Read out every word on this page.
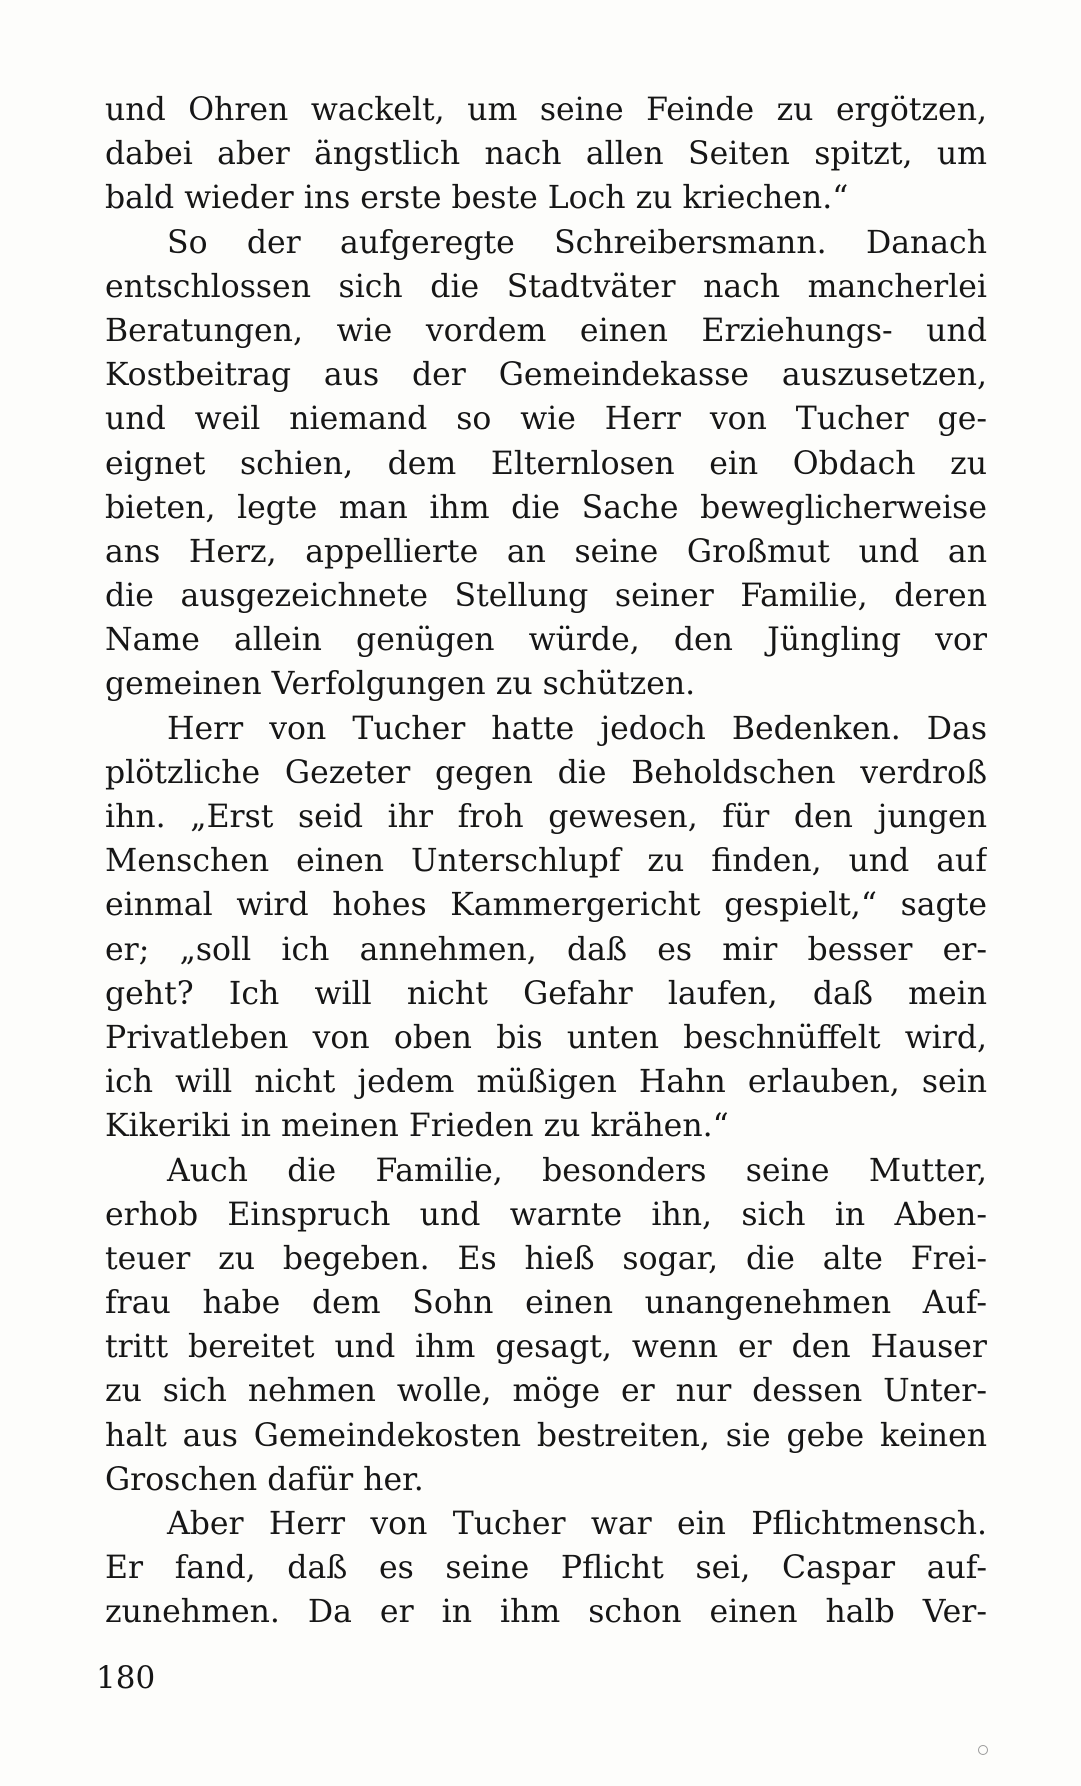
und Ohren wackelt, um seine Feinde zu ergötzen,
dabei aber ängstlich nach allen Seiten spitzt, um
bald wieder ins erste beste Loch zu kriechen.“
So der aufgeregte Schreibersmann. Danach
entschlossen sich die Stadtväter nach mancherlei
Beratungen, wie vordem einen Erziehungs- und
Kostbeitrag aus der Gemeindekasse auszusetzen,
und weil niemand so wie Herr von Tucher ge-
eignet schien, dem Elternlosen ein Obdach zu
bieten, legte man ihm die Sache beweglicherweise
ans Herz, appellierte an seine Großmut und an
die ausgezeichnete Stellung seiner Familie, deren
Name allein genügen würde, den Jüngling vor
gemeinen Verfolgungen zu schützen.
Herr von Tucher hatte jedoch Bedenken. Das
plötzliche Gezeter gegen die Beholdschen verdroß
ihn. „Erst seid ihr froh gewesen, für den jungen
Menschen einen Unterschlupf zu finden, und auf
einmal wird hohes Kammergericht gespielt,“ sagte
er; „soll ich annehmen, daß es mir besser er-
geht? Ich will nicht Gefahr laufen, daß mein
Privatleben von oben bis unten beschnüffelt wird,
ich will nicht jedem müßigen Hahn erlauben, sein
Kikeriki in meinen Frieden zu krähen.“
Auch die Familie, besonders seine Mutter,
erhob Einspruch und warnte ihn, sich in Aben-
teuer zu begeben. Es hieß sogar, die alte Frei-
frau habe dem Sohn einen unangenehmen Auf-
tritt bereitet und ihm gesagt, wenn er den Hauser
zu sich nehmen wolle, möge er nur dessen Unter-
halt aus Gemeindekosten bestreiten, sie gebe keinen
Groschen dafür her.
Aber Herr von Tucher war ein Pflichtmensch.
Er fand, daß es seine Pflicht sei, Caspar auf-
zunehmen. Da er in ihm schon einen halb Ver-
180
